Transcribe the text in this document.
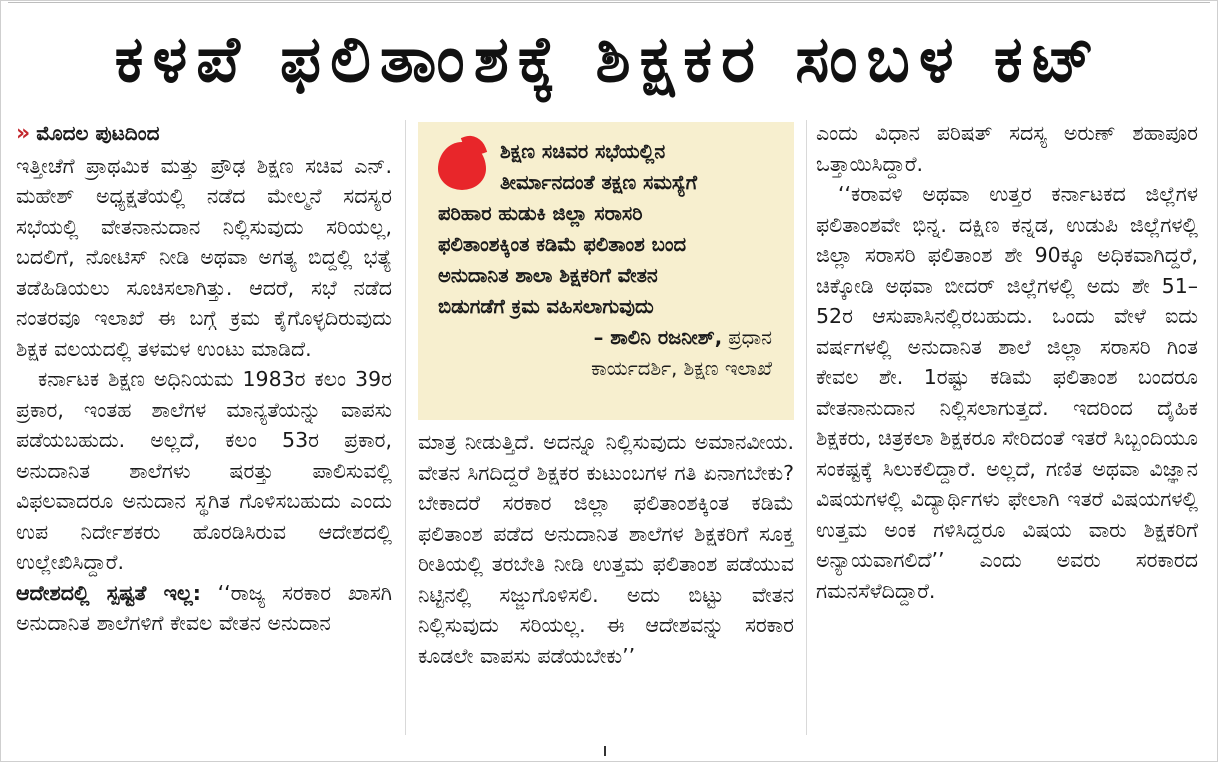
ಕಳಪೆ ಫಲಿತಾಂಶಕ್ಕೆ ಶಿಕ್ಷಕರ ಸಂಬಳ ಕಟ್
» ಮೊದಲ ಪುಟದಿಂದ

ಇತ್ತೀಚೆಗೆ ಪ್ರಾಥಮಿಕ ಮತ್ತು ಪ್ರೌಢ ಶಿಕ್ಷಣ ಸಚಿವ ಎನ್. ಮಹೇಶ್ ಅಧ್ಯಕ್ಷತೆಯಲ್ಲಿ ನಡೆದ ಮೇಲ್ಮನೆ ಸದಸ್ಯರ ಸಭೆಯಲ್ಲಿ ವೇತನಾನುದಾನ ನಿಲ್ಲಿಸುವುದು ಸರಿಯಲ್ಲ, ಬದಲಿಗೆ, ನೋಟಿಸ್ ನೀಡಿ ಅಥವಾ ಅಗತ್ಯ ಬಿದ್ದಲ್ಲಿ ಭತ್ಯೆ ತಡೆಹಿಡಿಯಲು ಸೂಚಿಸಲಾಗಿತ್ತು. ಆದರೆ, ಸಭೆ ನಡೆದ ನಂತರವೂ ಇಲಾಖೆ ಈ ಬಗ್ಗೆ ಕ್ರಮ ಕೈಗೊಳ್ಳದಿರುವುದು ಶಿಕ್ಷಕ ವಲಯದಲ್ಲಿ ತಳಮಳ ಉಂಟು ಮಾಡಿದೆ.

ಕರ್ನಾಟಕ ಶಿಕ್ಷಣ ಅಧಿನಿಯಮ 1983ರ ಕಲಂ 39ರ ಪ್ರಕಾರ, ಇಂತಹ ಶಾಲೆಗಳ ಮಾನ್ಯತೆಯನ್ನು ವಾಪಸು ಪಡೆಯಬಹುದು. ಅಲ್ಲದೆ, ಕಲಂ 53ರ ಪ್ರಕಾರ, ಅನುದಾನಿತ ಶಾಲೆಗಳು ಷರತ್ತು ಪಾಲಿಸುವಲ್ಲಿ ವಿಫಲವಾದರೂ ಅನುದಾನ ಸ್ಥಗಿತ ಗೊಳಿಸಬಹುದು ಎಂದು ಉಪ ನಿರ್ದೇಶಕರು ಹೊರಡಿಸಿರುವ ಆದೇಶದಲ್ಲಿ ಉಲ್ಲೇಖಿಸಿದ್ದಾರೆ.

ಆದೇಶದಲ್ಲಿ ಸ್ಪಷ್ಟತೆ ಇಲ್ಲ: ‘‘ರಾಜ್ಯ ಸರಕಾರ ಖಾಸಗಿ ಅನುದಾನಿತ ಶಾಲೆಗಳಿಗೆ ಕೇವಲ ವೇತನ ಅನುದಾನ

ಶಿಕ್ಷಣ ಸಚಿವರ ಸಭೆಯಲ್ಲಿನ
ತೀರ್ಮಾನದಂತೆ ತಕ್ಷಣ ಸಮಸ್ಯೆಗೆ
ಪರಿಹಾರ ಹುಡುಕಿ ಜಿಲ್ಲಾ ಸರಾಸರಿ
ಫಲಿತಾಂಶಕ್ಕಿಂತ ಕಡಿಮೆ ಫಲಿತಾಂಶ ಬಂದ
ಅನುದಾನಿತ ಶಾಲಾ ಶಿಕ್ಷಕರಿಗೆ ವೇತನ
ಬಿಡುಗಡೆಗೆ ಕ್ರಮ ವಹಿಸಲಾಗುವುದು
– ಶಾಲಿನಿ ರಜನೀಶ್, ಪ್ರಧಾನ
ಕಾರ್ಯದರ್ಶಿ, ಶಿಕ್ಷಣ ಇಲಾಖೆ

ಮಾತ್ರ ನೀಡುತ್ತಿದೆ. ಅದನ್ನೂ ನಿಲ್ಲಿಸುವುದು ಅಮಾನವೀಯ. ವೇತನ ಸಿಗದಿದ್ದರೆ ಶಿಕ್ಷಕರ ಕುಟುಂಬಗಳ ಗತಿ ಏನಾಗಬೇಕು? ಬೇಕಾದರೆ ಸರಕಾರ ಜಿಲ್ಲಾ ಫಲಿತಾಂಶಕ್ಕಿಂತ ಕಡಿಮೆ ಫಲಿತಾಂಶ ಪಡೆದ ಅನುದಾನಿತ ಶಾಲೆಗಳ ಶಿಕ್ಷಕರಿಗೆ ಸೂಕ್ತ ರೀತಿಯಲ್ಲಿ ತರಬೇತಿ ನೀಡಿ ಉತ್ತಮ ಫಲಿತಾಂಶ ಪಡೆಯುವ ನಿಟ್ಟಿನಲ್ಲಿ ಸಜ್ಜುಗೊಳಿಸಲಿ. ಅದು ಬಿಟ್ಟು ವೇತನ ನಿಲ್ಲಿಸುವುದು ಸರಿಯಲ್ಲ. ಈ ಆದೇಶವನ್ನು ಸರಕಾರ ಕೂಡಲೇ ವಾಪಸು ಪಡೆಯಬೇಕು’’

ಎಂದು ವಿಧಾನ ಪರಿಷತ್ ಸದಸ್ಯ ಅರುಣ್ ಶಹಾಪೂರ ಒತ್ತಾಯಿಸಿದ್ದಾರೆ.

‘‘ಕರಾವಳಿ ಅಥವಾ ಉತ್ತರ ಕರ್ನಾಟಕದ ಜಿಲ್ಲೆಗಳ ಫಲಿತಾಂಶವೇ ಭಿನ್ನ. ದಕ್ಷಿಣ ಕನ್ನಡ, ಉಡುಪಿ ಜಿಲ್ಲೆಗಳಲ್ಲಿ ಜಿಲ್ಲಾ ಸರಾಸರಿ ಫಲಿತಾಂಶ ಶೇ 90ಕ್ಕೂ ಅಧಿಕವಾಗಿದ್ದರೆ, ಚಿಕ್ಕೋಡಿ ಅಥವಾ ಬೀದರ್ ಜಿಲ್ಲೆಗಳಲ್ಲಿ ಅದು ಶೇ 51–52ರ ಆಸುಪಾಸಿನಲ್ಲಿರಬಹುದು. ಒಂದು ವೇಳೆ ಐದು ವರ್ಷಗಳಲ್ಲಿ ಅನುದಾನಿತ ಶಾಲೆ ಜಿಲ್ಲಾ ಸರಾಸರಿ ಗಿಂತ ಕೇವಲ ಶೇ. 1ರಷ್ಟು ಕಡಿಮೆ ಫಲಿತಾಂಶ ಬಂದರೂ ವೇತನಾನುದಾನ ನಿಲ್ಲಿಸಲಾಗುತ್ತದೆ. ಇದರಿಂದ ದೈಹಿಕ ಶಿಕ್ಷಕರು, ಚಿತ್ರಕಲಾ ಶಿಕ್ಷಕರೂ ಸೇರಿದಂತೆ ಇತರೆ ಸಿಬ್ಬಂದಿಯೂ ಸಂಕಷ್ಟಕ್ಕೆ ಸಿಲುಕಲಿದ್ದಾರೆ. ಅಲ್ಲದೆ, ಗಣಿತ ಅಥವಾ ವಿಜ್ಞಾನ ವಿಷಯಗಳಲ್ಲಿ ವಿದ್ಯಾರ್ಥಿಗಳು ಫೇಲಾಗಿ ಇತರೆ ವಿಷಯಗಳಲ್ಲಿ ಉತ್ತಮ ಅಂಕ ಗಳಿಸಿದ್ದರೂ ವಿಷಯ ವಾರು ಶಿಕ್ಷಕರಿಗೆ ಅನ್ಯಾಯವಾಗಲಿದೆ’’ ಎಂದು ಅವರು ಸರಕಾರದ ಗಮನಸೆಳೆದಿದ್ದಾರೆ.
